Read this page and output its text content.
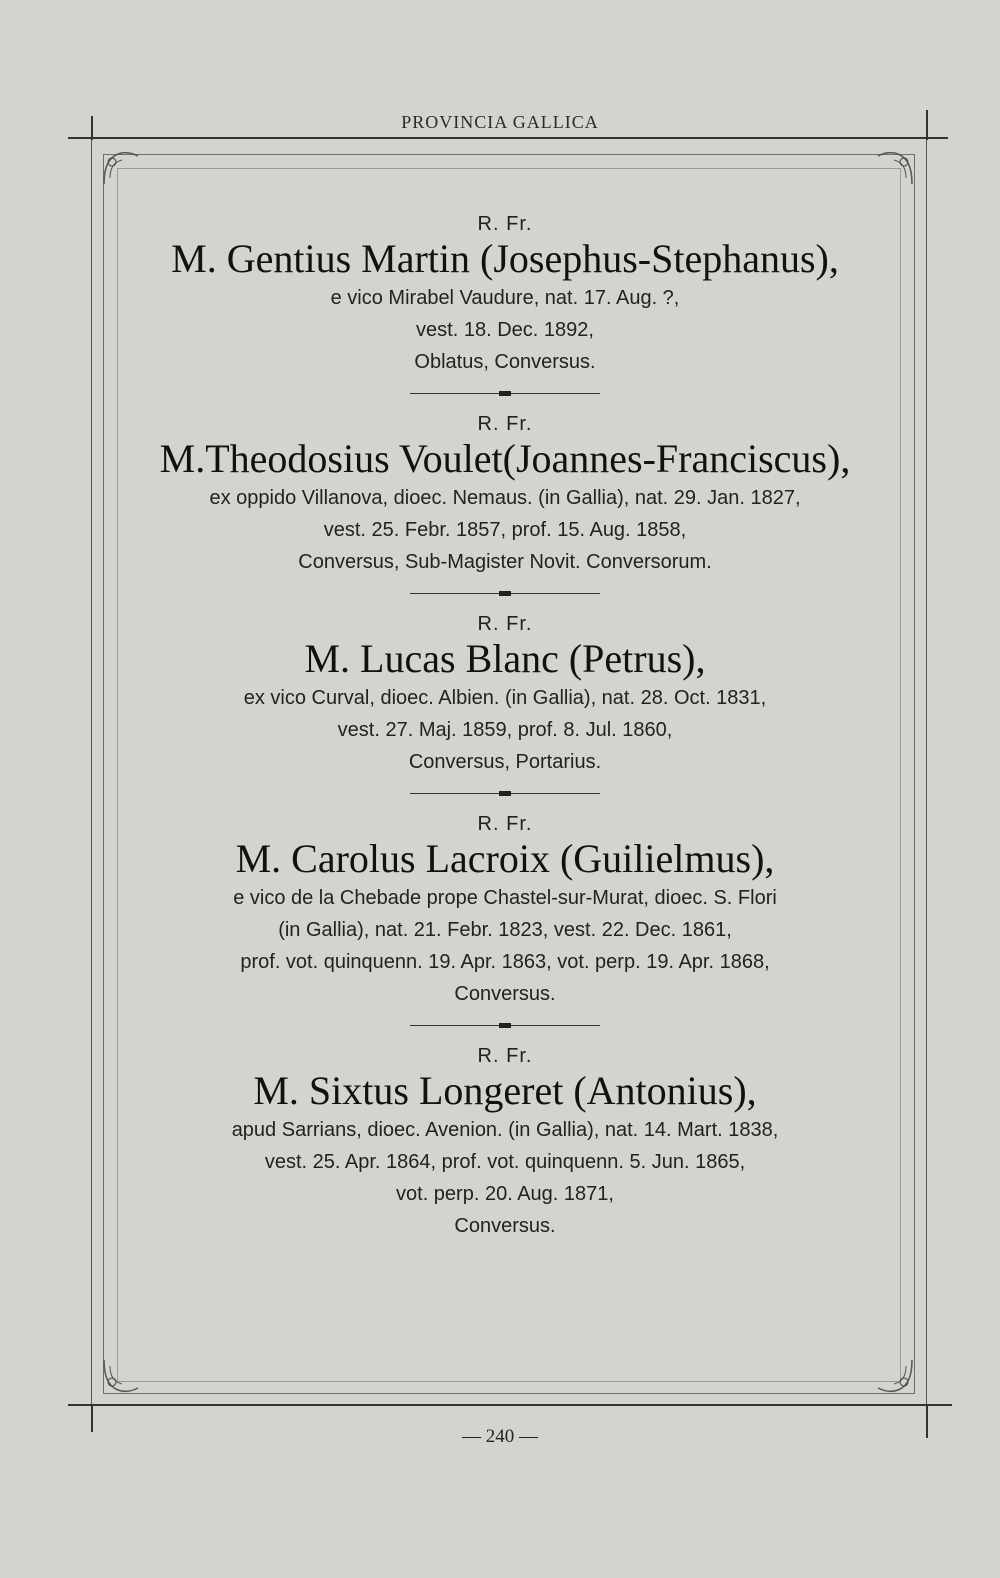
PROVINCIA GALLICA
R. Fr.
M. Gentius Martin (Josephus-Stephanus),
e vico Mirabel Vaudure, nat. 17. Aug. ?,
vest. 18. Dec. 1892,
Oblatus, Conversus.
R. Fr.
M.Theodosius Voulet(Joannes-Franciscus),
ex oppido Villanova, dioec. Nemaus. (in Gallia), nat. 29. Jan. 1827,
vest. 25. Febr. 1857, prof. 15. Aug. 1858,
Conversus, Sub-Magister Novit. Conversorum.
R. Fr.
M. Lucas Blanc (Petrus),
ex vico Curval, dioec. Albien. (in Gallia), nat. 28. Oct. 1831,
vest. 27. Maj. 1859, prof. 8. Jul. 1860,
Conversus, Portarius.
R. Fr.
M. Carolus Lacroix (Guilielmus),
e vico de la Chebade prope Chastel-sur-Murat, dioec. S. Flori
(in Gallia), nat. 21. Febr. 1823, vest. 22. Dec. 1861,
prof. vot. quinquenn. 19. Apr. 1863, vot. perp. 19. Apr. 1868,
Conversus.
R. Fr.
M. Sixtus Longeret (Antonius),
apud Sarrians, dioec. Avenion. (in Gallia), nat. 14. Mart. 1838,
vest. 25. Apr. 1864, prof. vot. quinquenn. 5. Jun. 1865,
vot. perp. 20. Aug. 1871,
Conversus.
— 240 —
